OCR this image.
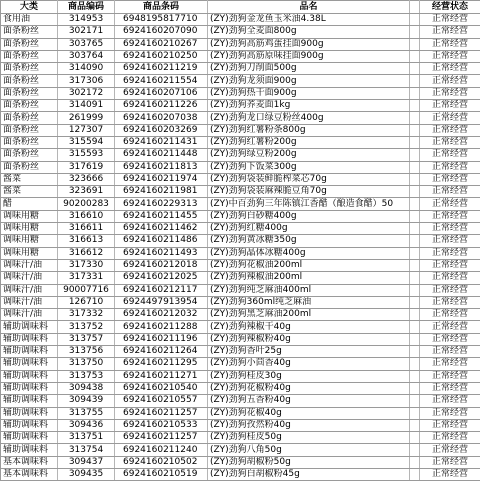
大类	商品编码	商品条码	品名		经营状态
食用油	314953	6948195817710	(ZY)劲狗金龙鱼玉米油4.38L		正常经营
面条粉丝	302171	6924160207090	(ZY)劲狗全麦面800g		正常经营
面条粉丝	303765	6924160210267	(ZY)劲狗高筋鸡蛋挂面900g		正常经营
面条粉丝	303764	6924160210250	(ZY)劲狗高筋原味挂面900g		正常经营
面条粉丝	314090	6924160211219	(ZY)劲狗刀削面500g		正常经营
面条粉丝	317306	6924160211554	(ZY)劲狗龙须面900g		正常经营
面条粉丝	302172	6924160207106	(ZY)劲狗热干面900g		正常经营
面条粉丝	314091	6924160211226	(ZY)劲狗荞麦面1kg		正常经营
面条粉丝	261999	6924160207038	(ZY)劲狗龙口绿豆粉丝400g		正常经营
面条粉丝	127307	6924160203269	(ZY)劲狗红薯粉条800g		正常经营
面条粉丝	315594	6924160211431	(ZY)劲狗红薯粉200g		正常经营
面条粉丝	315593	6924160211448	(ZY)劲狗绿豆粉200g		正常经营
面条粉丝	317619	6924160211813	(ZY)劲狗下饭菜300g		正常经营
酱菜	323666	6924160211974	(ZY)劲狗袋装鲜脆榨菜芯70g		正常经营
酱菜	323691	6924160211981	(ZY)劲狗袋装麻辣脆豆角70g		正常经营
醋	90200283	6924160229313	(ZY)中百劲狗三年陈镇江香醋（酿造食醋）50		正常经营
调味用糖	316610	6924160211455	(ZY)劲狗白砂糖400g		正常经营
调味用糖	316611	6924160211462	(ZY)劲狗红糖400g		正常经营
调味用糖	316613	6924160211486	(ZY)劲狗黄冰糖350g		正常经营
调味用糖	316612	6924160211493	(ZY)劲狗晶体冰糖400g		正常经营
调味汁/油	317330	6924160212018	(ZY)劲狗花椒油200ml		正常经营
调味汁/油	317331	6924160212025	(ZY)劲狗辣椒油200ml		正常经营
调味汁/油	90007716	6924160212117	(ZY)劲狗纯芝麻油400ml		正常经营
调味汁/油	126710	6924497913954	(ZY)劲狗360ml纯芝麻油		正常经营
调味汁/油	317332	6924160212032	(ZY)劲狗黑芝麻油200ml		正常经营
辅助调味料	313752	6924160211288	(ZY)劲狗辣椒干40g		正常经营
辅助调味料	313757	6924160211196	(ZY)劲狗辣椒粉40g		正常经营
辅助调味料	313756	6924160211264	(ZY)劲狗香叶25g		正常经营
辅助调味料	313750	6924160211295	(ZY)劲狗小茴香40g		正常经营
辅助调味料	313753	6924160211271	(ZY)劲狗桂皮30g		正常经营
辅助调味料	309438	6924160210540	(ZY)劲狗花椒粉40g		正常经营
辅助调味料	309439	6924160210557	(ZY)劲狗五香粉40g		正常经营
辅助调味料	313755	6924160211257	(ZY)劲狗花椒40g		正常经营
辅助调味料	309436	6924160210533	(ZY)劲狗孜然粉40g		正常经营
辅助调味料	313751	6924160211257	(ZY)劲狗桂皮50g		正常经营
辅助调味料	313754	6924160211240	(ZY)劲狗八角50g		正常经营
基本调味料	309437	6924160210502	(ZY)劲狗胡椒粉50g		正常经营
基本调味料	309435	6924160210519	(ZY)劲狗白胡椒粉45g		正常经营
